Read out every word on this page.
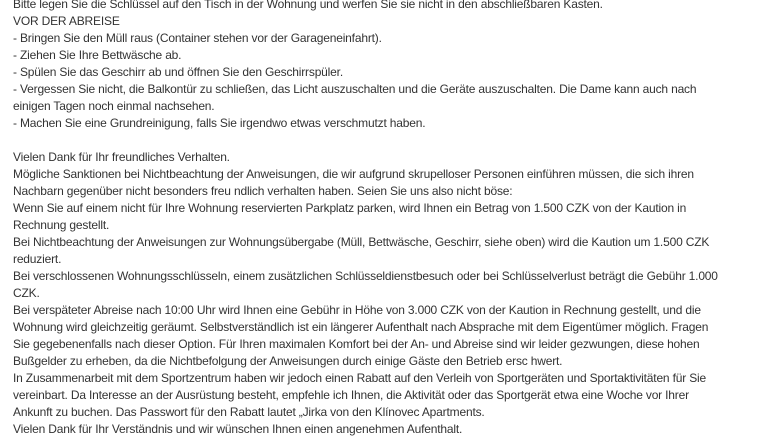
Bitte legen Sie die Schlüssel auf den Tisch in der Wohnung und werfen Sie sie nicht in den abschließbaren Kasten.
VOR DER ABREISE
- Bringen Sie den Müll raus (Container stehen vor der Garageneinfahrt).
- Ziehen Sie Ihre Bettwäsche ab.
- Spülen Sie das Geschirr ab und öffnen Sie den Geschirrspüler.
- Vergessen Sie nicht, die Balkontür zu schließen, das Licht auszuschalten und die Geräte auszuschalten. Die Dame kann auch nach
einigen Tagen noch einmal nachsehen.
- Machen Sie eine Grundreinigung, falls Sie irgendwo etwas verschmutzt haben.
Vielen Dank für Ihr freundliches Verhalten.
Mögliche Sanktionen bei Nichtbeachtung der Anweisungen, die wir aufgrund skrupelloser Personen einführen müssen, die sich ihren
Nachbarn gegenüber nicht besonders freu ndlich verhalten haben. Seien Sie uns also nicht böse:
Wenn Sie auf einem nicht für Ihre Wohnung reservierten Parkplatz parken, wird Ihnen ein Betrag von 1.500 CZK von der Kaution in
Rechnung gestellt.
Bei Nichtbeachtung der Anweisungen zur Wohnungsübergabe (Müll, Bettwäsche, Geschirr, siehe oben) wird die Kaution um 1.500 CZK
reduziert.
Bei verschlossenen Wohnungsschlüsseln, einem zusätzlichen Schlüsseldienstbesuch oder bei Schlüsselverlust beträgt die Gebühr 1.000
CZK.
Bei verspäteter Abreise nach 10:00 Uhr wird Ihnen eine Gebühr in Höhe von 3.000 CZK von der Kaution in Rechnung gestellt, und die
Wohnung wird gleichzeitig geräumt. Selbstverständlich ist ein längerer Aufenthalt nach Absprache mit dem Eigentümer möglich. Fragen
Sie gegebenenfalls nach dieser Option. Für Ihren maximalen Komfort bei der An- und Abreise sind wir leider gezwungen, diese hohen
Bußgelder zu erheben, da die Nichtbefolgung der Anweisungen durch einige Gäste den Betrieb ersc hwert.
In Zusammenarbeit mit dem Sportzentrum haben wir jedoch einen Rabatt auf den Verleih von Sportgeräten und Sportaktivitäten für Sie
vereinbart. Da Interesse an der Ausrüstung besteht, empfehle ich Ihnen, die Aktivität oder das Sportgerät etwa eine Woche vor Ihrer
Ankunft zu buchen. Das Passwort für den Rabatt lautet „Jirka von den Klínovec Apartments.
Vielen Dank für Ihr Verständnis und wir wünschen Ihnen einen angenehmen Aufenthalt.
